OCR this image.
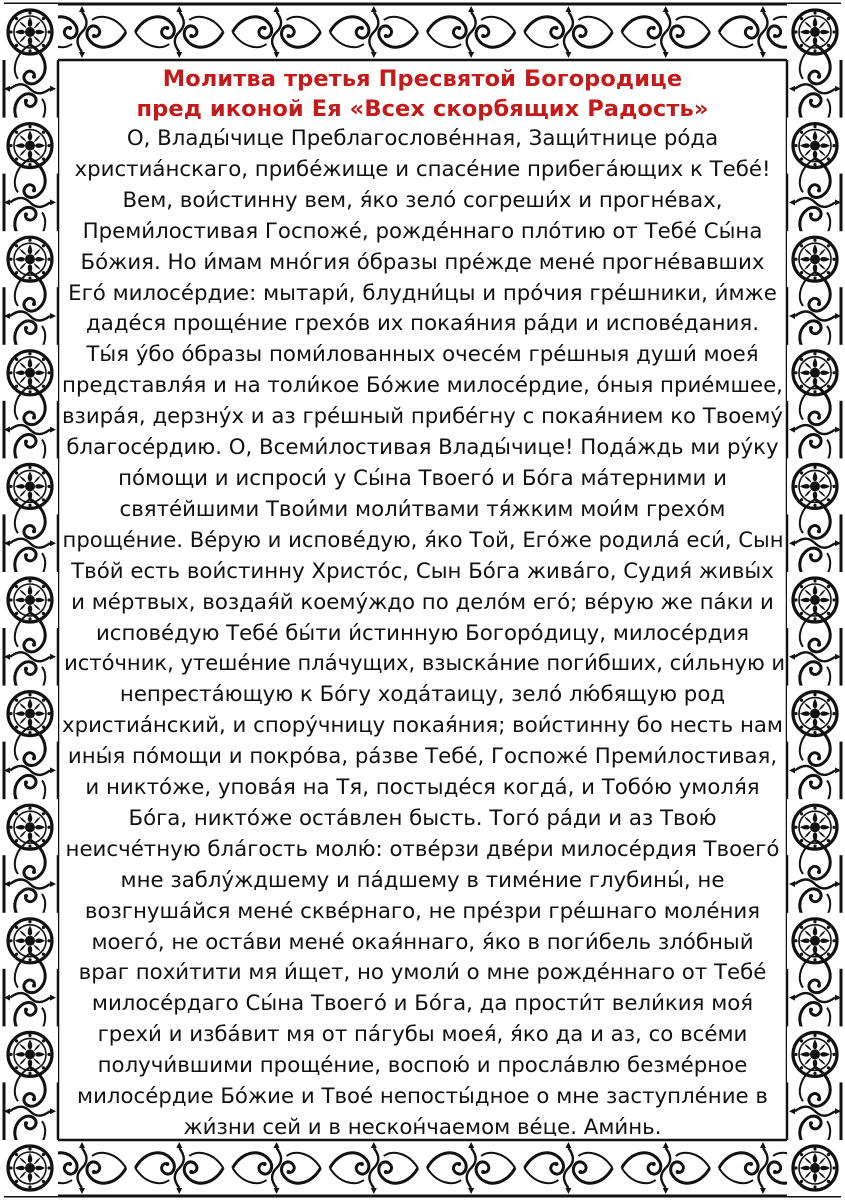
Молитва третья Пресвятой Богородице
пред иконой Ея «Всех скорбящих Радость»
О, Влады́чице Преблагослове́нная, Защи́тнице ро́да
христиа́нскаго, прибе́жище и спасе́ние прибега́ющих к Тебе́!
Вем, вои́стинну вем, я́ко зело́ согреши́х и прогне́вах,
Преми́лостивая Госпоже́, рожде́ннаго пло́тию от Тебе́ Сы́на
Бо́жия. Но и́мам мно́гия о́бразы пре́жде мене́ прогне́вавших
Его́ милосе́рдие: мытари́, блудни́цы и про́чия гре́шники, и́мже
даде́ся проще́ние грехо́в их покая́ния ра́ди и испове́дания.
Ты́я у́бо о́бразы поми́лованных очесе́м гре́шныя души́ моея́
представля́я и на толи́кое Бо́жие милосе́рдие, о́ныя прие́мшее,
взира́я, дерзну́х и аз гре́шный прибе́гну с покая́нием ко Твоему́
благосе́рдию. О, Всеми́лостивая Влады́чице! Пода́ждь ми ру́ку
по́мощи и испроси́ у Сы́на Твоего́ и Бо́га ма́терними и
святе́йшими Твои́ми моли́твами тя́жким мои́м грехо́м
проще́ние. Ве́рую и испове́дую, я́ко Той, Его́же родила́ еси́, Сын
Тво́й есть вои́стинну Христо́с, Сын Бо́га жива́го, Судия́ живы́х
и ме́ртвых, воздая́й коему́ждо по дело́м его́; ве́рую же па́ки и
испове́дую Тебе́ бы́ти и́стинную Богоро́дицу, милосе́рдия
исто́чник, утеше́ние пла́чущих, взыска́ние поги́бших, си́льную и
непреста́ющую к Бо́гу хода́таицу, зело́ лю́бящую род
христиа́нский, и спору́чницу покая́ния; вои́стинну бо несть нам
ины́я по́мощи и покро́ва, ра́зве Тебе́, Госпоже́ Преми́лостивая,
и никто́же, упова́я на Тя, постыде́ся когда́, и Тобо́ю умоля́я
Бо́га, никто́же оста́влен бысть. Того́ ра́ди и аз Твою́
неисче́тную бла́гость молю́: отве́рзи две́ри милосе́рдия Твоего́
мне заблу́ждшему и па́дшему в тиме́ние глубины́, не
возгнуша́йся мене́ скве́рнаго, не пре́зри гре́шнаго моле́ния
моего́, не оста́ви мене́ окая́ннаго, я́ко в поги́бель зло́бный
враг похи́тити мя и́щет, но умоли́ о мне рожде́ннаго от Тебе́
милосе́рдаго Сы́на Твоего́ и Бо́га, да прости́т вели́кия моя́
грехи́ и изба́вит мя от па́губы моея́, я́ко да и аз, со все́ми
получи́вшими проще́ние, воспою́ и просла́влю безме́рное
милосе́рдие Бо́жие и Твое́ непосты́дное о мне заступле́ние в
жи́зни сей и в нескон́чаемом ве́це. Ами́нь.
